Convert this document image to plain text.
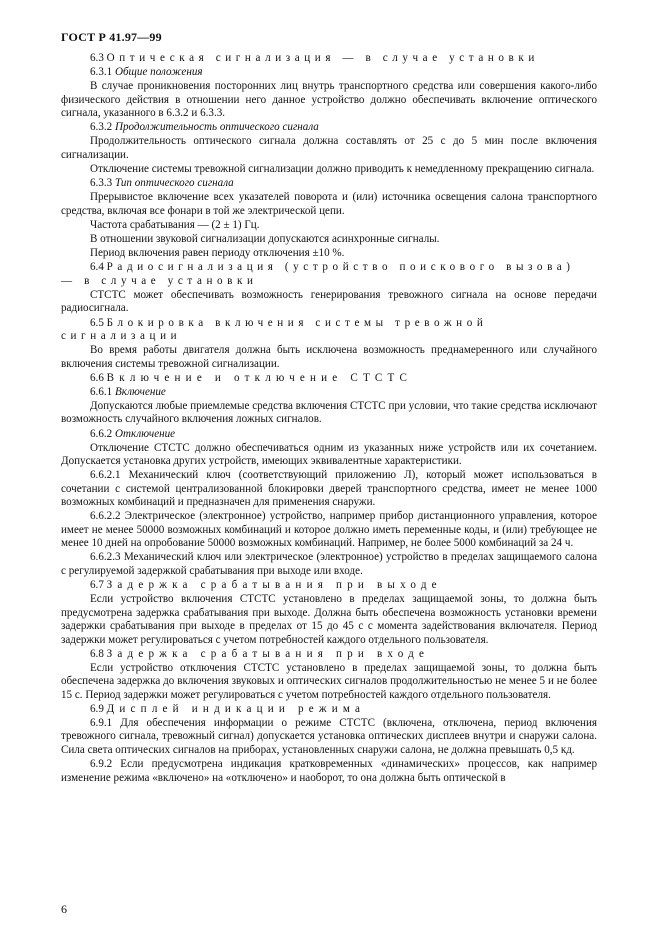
ГОСТ Р 41.97—99
6.3 Оптическая сигнализация — в случае установки
6.3.1 Общие положения
В случае проникновения посторонних лиц внутрь транспортного средства или совершения какого-либо физического действия в отношении него данное устройство должно обеспечивать включение оптического сигнала, указанного в 6.3.2 и 6.3.3.
6.3.2 Продолжительность оптического сигнала
Продолжительность оптического сигнала должна составлять от 25 с до 5 мин после включения сигнализации.
Отключение системы тревожной сигнализации должно приводить к немедленному прекращению сигнала.
6.3.3 Тип оптического сигнала
Прерывистое включение всех указателей поворота и (или) источника освещения салона транспортного средства, включая все фонари в той же электрической цепи.
Частота срабатывания — (2 ± 1) Гц.
В отношении звуковой сигнализации допускаются асинхронные сигналы.
Период включения равен периоду отключения ±10 %.
6.4 Радиосигнализация (устройство поискового вызова) — в случае установки
СТСТС может обеспечивать возможность генерирования тревожного сигнала на основе передачи радиосигнала.
6.5 Блокировка включения системы тревожной сигнализации
Во время работы двигателя должна быть исключена возможность преднамеренного или случайного включения системы тревожной сигнализации.
6.6 Включение и отключение СТСТС
6.6.1 Включение
Допускаются любые приемлемые средства включения СТСТС при условии, что такие средства исключают возможность случайного включения ложных сигналов.
6.6.2 Отключение
Отключение СТСТС должно обеспечиваться одним из указанных ниже устройств или их сочетанием. Допускается установка других устройств, имеющих эквивалентные характеристики.
6.6.2.1 Механический ключ (соответствующий приложению Л), который может использоваться в сочетании с системой централизованной блокировки дверей транспортного средства, имеет не менее 1000 возможных комбинаций и предназначен для применения снаружи.
6.6.2.2 Электрическое (электронное) устройство, например прибор дистанционного управления, которое имеет не менее 50000 возможных комбинаций и которое должно иметь переменные коды, и (или) требующее не менее 10 дней на опробование 50000 возможных комбинаций. Например, не более 5000 комбинаций за 24 ч.
6.6.2.3 Механический ключ или электрическое (электронное) устройство в пределах защищаемого салона с регулируемой задержкой срабатывания при выходе или входе.
6.7 Задержка срабатывания при выходе
Если устройство включения СТСТС установлено в пределах защищаемой зоны, то должна быть предусмотрена задержка срабатывания при выходе. Должна быть обеспечена возможность установки времени задержки срабатывания при выходе в пределах от 15 до 45 с с момента задействования включателя. Период задержки может регулироваться с учетом потребностей каждого отдельного пользователя.
6.8 Задержка срабатывания при входе
Если устройство отключения СТСТС установлено в пределах защищаемой зоны, то должна быть обеспечена задержка до включения звуковых и оптических сигналов продолжительностью не менее 5 и не более 15 с. Период задержки может регулироваться с учетом потребностей каждого отдельного пользователя.
6.9 Дисплей индикации режима
6.9.1 Для обеспечения информации о режиме СТСТС (включена, отключена, период включения тревожного сигнала, тревожный сигнал) допускается установка оптических дисплеев внутри и снаружи салона. Сила света оптических сигналов на приборах, установленных снаружи салона, не должна превышать 0,5 кд.
6.9.2 Если предусмотрена индикация кратковременных «динамических» процессов, как например изменение режима «включено» на «отключено» и наоборот, то она должна быть оптической в
6
